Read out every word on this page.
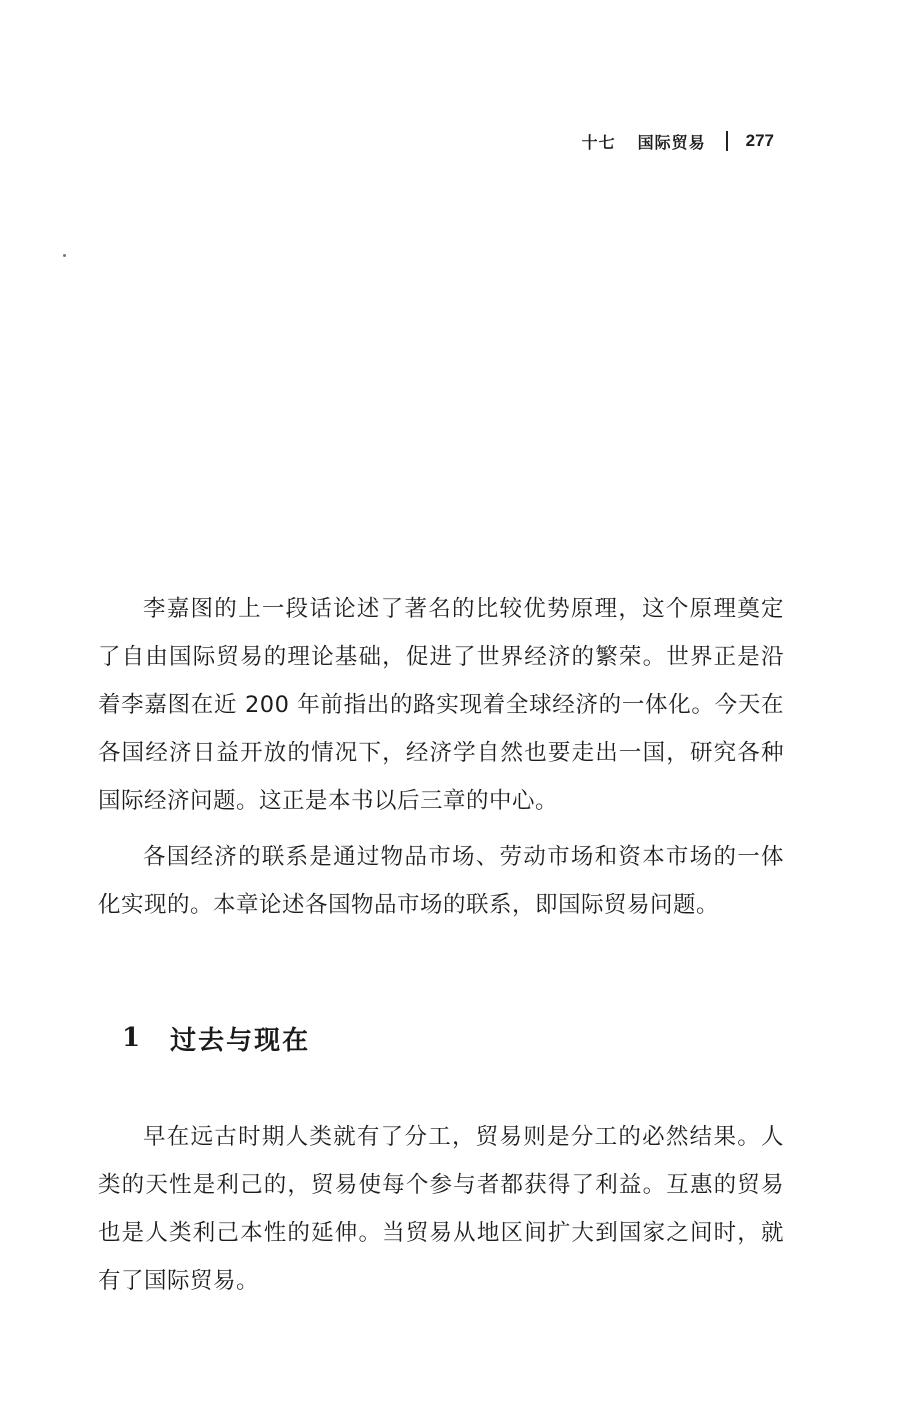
十七 国际贸易 277

李嘉图的上一段话论述了著名的比较优势原理，这个原理奠定了自由国际贸易的理论基础，促进了世界经济的繁荣。世界正是沿着李嘉图在近 200 年前指出的路实现着全球经济的一体化。今天在各国经济日益开放的情况下，经济学自然也要走出一国，研究各种国际经济问题。这正是本书以后三章的中心。

各国经济的联系是通过物品市场、劳动市场和资本市场的一体化实现的。本章论述各国物品市场的联系，即国际贸易问题。

1 过去与现在

早在远古时期人类就有了分工，贸易则是分工的必然结果。人类的天性是利己的，贸易使每个参与者都获得了利益。互惠的贸易也是人类利己本性的延伸。当贸易从地区间扩大到国家之间时，就有了国际贸易。
